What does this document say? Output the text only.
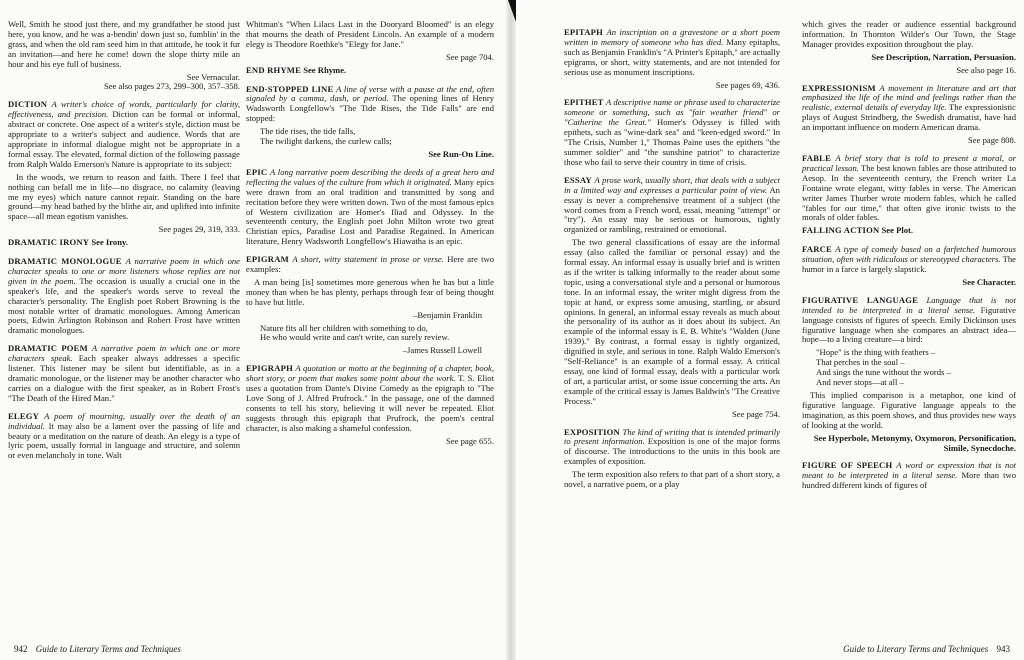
Well, Smith he stood just there, and my grandfather he stood just here, you know, and he was a-bendin' down just so, fumblin' in the grass, and when the old ram seed him in that attitude, he took it fur an invitation—and here he come! down the slope thirty mile an hour and his eye full of business.

See Vernacular.
See also pages 273, 299–300, 357–358.

DICTION A writer's choice of words, particularly for clarity, effectiveness, and precision. Diction can be formal or informal, abstract or concrete. One aspect of a writer's style, diction must be appropriate to a writer's subject and audience. Words that are appropriate in informal dialogue might not be appropriate in a formal essay. The elevated, formal diction of the following passage from Ralph Waldo Emerson's Nature is appropriate to its subject:

In the woods, we return to reason and faith. There I feel that nothing can befall me in life—no disgrace, no calamity (leaving me my eyes) which nature cannot repair. Standing on the bare ground—my head bathed by the blithe air, and uplifted into infinite space—all mean egotism vanishes.

See pages 29, 319, 333.

DRAMATIC IRONY See Irony.

DRAMATIC MONOLOGUE A narrative poem in which one character speaks to one or more listeners whose replies are not given in the poem. The occasion is usually a crucial one in the speaker's life, and the speaker's words serve to reveal the character's personality. The English poet Robert Browning is the most notable writer of dramatic monologues. Among American poets, Edwin Arlington Robinson and Robert Frost have written dramatic monologues.

DRAMATIC POEM A narrative poem in which one or more characters speak. Each speaker always addresses a specific listener. This listener may be silent but identifiable, as in a dramatic monologue, or the listener may be another character who carries on a dialogue with the first speaker, as in Robert Frost's "The Death of the Hired Man."

ELEGY A poem of mourning, usually over the death of an individual. It may also be a lament over the passing of life and beauty or a meditation on the nature of death. An elegy is a type of lyric poem, usually formal in language and structure, and solemn or even melancholy in tone. Walt

Whitman's "When Lilacs Last in the Dooryard Bloomed" is an elegy that mourns the death of President Lincoln. An example of a modern elegy is Theodore Roethke's "Elegy for Jane."

See page 704.

END RHYME See Rhyme.

END-STOPPED LINE A line of verse with a pause at the end, often signaled by a comma, dash, or period. The opening lines of Henry Wadsworth Longfellow's "The Tide Rises, the Tide Falls" are end stopped:

The tide rises, the tide falls,
The twilight darkens, the curlew calls;
See Run-On Line.

EPIC A long narrative poem describing the deeds of a great hero and reflecting the values of the culture from which it originated. Many epics were drawn from an oral tradition and transmitted by song and recitation before they were written down. Two of the most famous epics of Western civilization are Homer's Iliad and Odyssey. In the seventeenth century, the English poet John Milton wrote two great Christian epics, Paradise Lost and Paradise Regained. In American literature, Henry Wadsworth Longfellow's Hiawatha is an epic.

EPIGRAM A short, witty statement in prose or verse. Here are two examples:

A man being [is] sometimes more generous when he has but a little money than when he has plenty, perhaps through fear of being thought to have but little.

–Benjamin Franklin
Nature fits all her children with something to do,
He who would write and can't write, can surely review.
–James Russell Lowell

EPIGRAPH A quotation or motto at the beginning of a chapter, book, short story, or poem that makes some point about the work. T. S. Eliot uses a quotation from Dante's Divine Comedy as the epigraph to "The Love Song of J. Alfred Prufrock." In the passage, one of the damned consents to tell his story, believing it will never be repeated. Eliot suggests through this epigraph that Prufrock, the poem's central character, is also making a shameful confession.

See page 655.
942 Guide to Literary Terms and Techniques

EPITAPH An inscription on a gravestone or a short poem written in memory of someone who has died. Many epitaphs, such as Benjamin Franklin's "A Printer's Epitaph," are actually epigrams, or short, witty statements, and are not intended for serious use as monument inscriptions.

See pages 69, 436.

EPITHET A descriptive name or phrase used to characterize someone or something, such as "fair weather friend" or "Catherine the Great." Homer's Odyssey is filled with epithets, such as "wine-dark sea" and "keen-edged sword." In "The Crisis, Number 1," Thomas Paine uses the epithets "the summer soldier" and "the sunshine patriot" to characterize those who fail to serve their country in time of crisis.

ESSAY A prose work, usually short, that deals with a subject in a limited way and expresses a particular point of view. An essay is never a comprehensive treatment of a subject (the word comes from a French word, essai, meaning "attempt" or "try"). An essay may be serious or humorous, tightly organized or rambling, restrained or emotional.

The two general classifications of essay are the informal essay (also called the familiar or personal essay) and the formal essay. An informal essay is usually brief and is written as if the writer is talking informally to the reader about some topic, using a conversational style and a personal or humorous tone. In an informal essay, the writer might digress from the topic at hand, or express some amusing, startling, or absurd opinions. In general, an informal essay reveals as much about the personality of its author as it does about its subject. An example of the informal essay is E. B. White's "Walden (June 1939)." By contrast, a formal essay is tightly organized, dignified in style, and serious in tone. Ralph Waldo Emerson's "Self-Reliance" is an example of a formal essay. A critical essay, one kind of formal essay, deals with a particular work of art, a particular artist, or some issue concerning the arts. An example of the critical essay is James Baldwin's "The Creative Process."

See page 754.

EXPOSITION The kind of writing that is intended primarily to present information. Exposition is one of the major forms of discourse. The introductions to the units in this book are examples of exposition.

The term exposition also refers to that part of a short story, a novel, a narrative poem, or a play

which gives the reader or audience essential background information. In Thornton Wilder's Our Town, the Stage Manager provides exposition throughout the play.

See Description, Narration, Persuasion.
See also page 16.

EXPRESSIONISM A movement in literature and art that emphasized the life of the mind and feelings rather than the realistic, external details of everyday life. The expressionistic plays of August Strindberg, the Swedish dramatist, have had an important influence on modern American drama.

See page 808.

FABLE A brief story that is told to present a moral, or practical lesson. The best known fables are those attributed to Aesop. In the seventeenth century, the French writer La Fontaine wrote elegant, witty fables in verse. The American writer James Thurber wrote modern fables, which he called "fables for our time," that often give ironic twists to the morals of older fables.

FALLING ACTION See Plot.

FARCE A type of comedy based on a farfetched humorous situation, often with ridiculous or stereotyped characters. The humor in a farce is largely slapstick.

See Character.

FIGURATIVE LANGUAGE Language that is not intended to be interpreted in a literal sense. Figurative language consists of figures of speech. Emily Dickinson uses figurative language when she compares an abstract idea—hope—to a living creature—a bird:

"Hope" is the thing with feathers –
That perches in the soul –
And sings the tune without the words –
And never stops—at all –

This implied comparison is a metaphor, one kind of figurative language. Figurative language appeals to the imagination, as this poem shows, and thus provides new ways of looking at the world.

See Hyperbole, Metonymy, Oxymoron, Personification, Simile, Synecdoche.

FIGURE OF SPEECH A word or expression that is not meant to be interpreted in a literal sense. More than two hundred different kinds of figures of

Guide to Literary Terms and Techniques 943
